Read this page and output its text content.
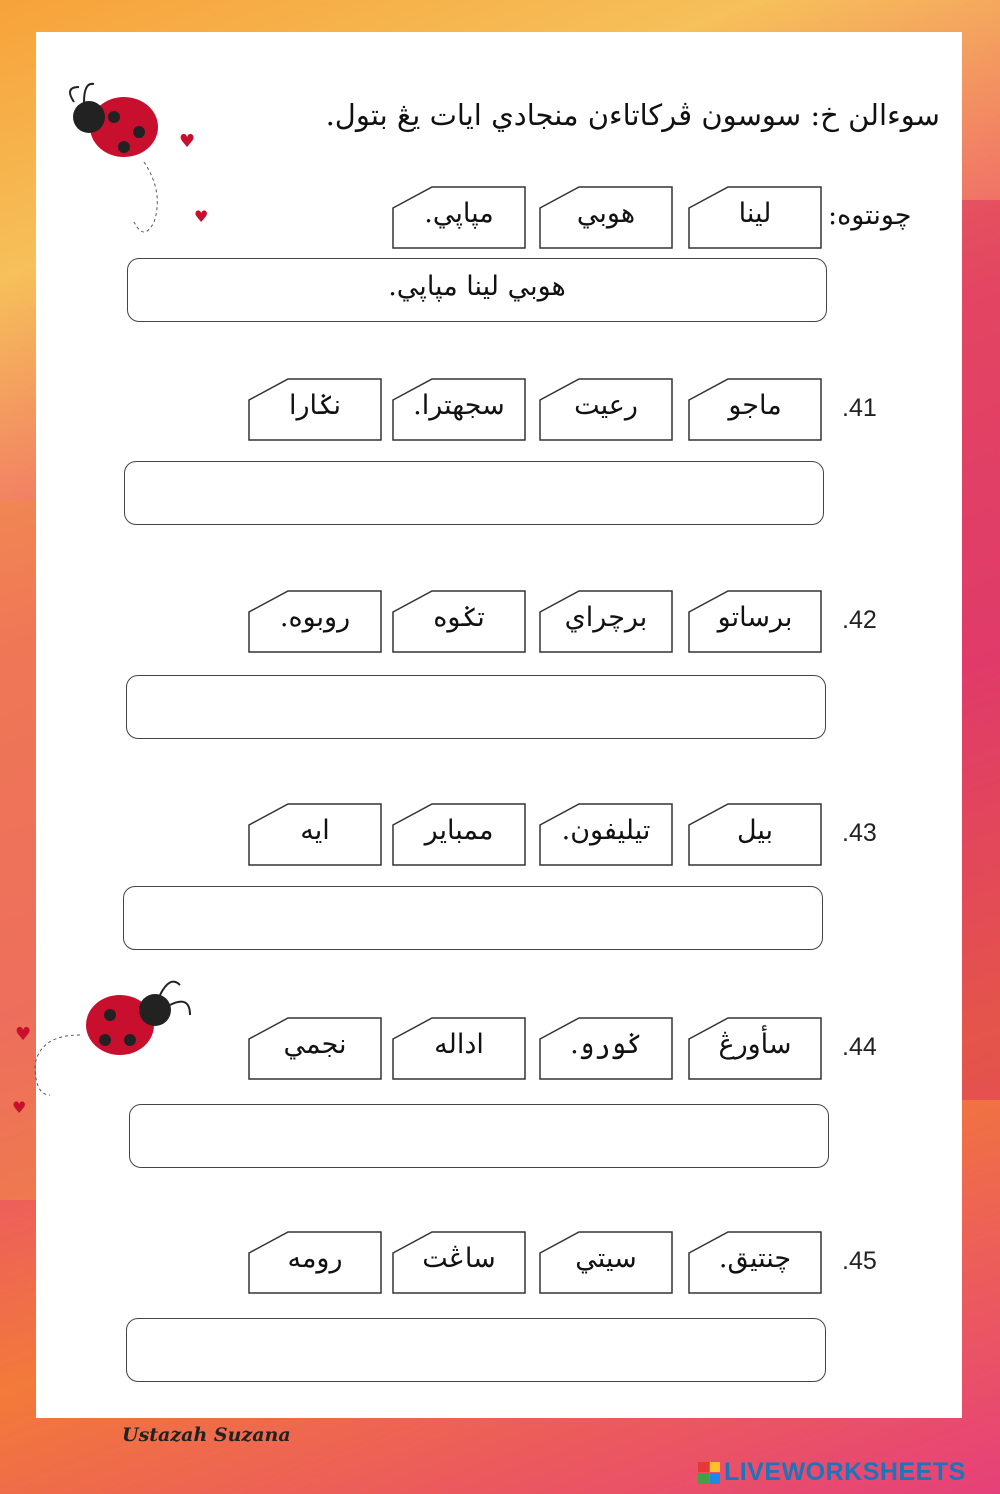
♥
♥
♥
♥
سوءالن خ: سوسون ڤركاتاءن منجادي ايات يڠ بتول.
چونتوه:
لينا
هوبي
مپاپي.
هوبي لينا مپاپي.
.41
ماجو
رعيت
سجهترا.
نݢارا
.42
برساتو
برچراي
تݢوه
روبوه.
.43
بيل
تيليفون.
ممباير
ايه
.44
سأورڠ
ݢورو.
اداله
نجمي
.45
چنتيق.
سيتي
ساڠت
رومه
Ustazah Suzana
LIVEWORKSHEETS
